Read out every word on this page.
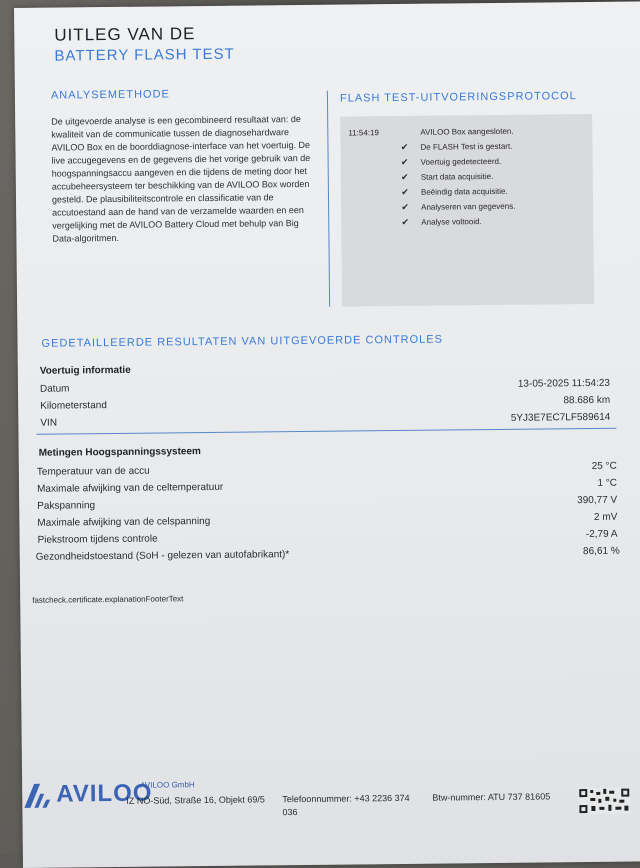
UITLEG VAN DE
BATTERY FLASH TEST
ANALYSEMETHODE
De uitgevoerde analyse is een gecombineerd resultaat van: de kwaliteit van de communicatie tussen de diagnosehardware AVILOO Box en de boorddiagnose-interface van het voertuig. De live accugegevens en de gegevens die het vorige gebruik van de hoogspanningsaccu aangeven en die tijdens de meting door het accubeheersysteem ter beschikking van de AVILOO Box worden gesteld. De plausibiliteitscontrole en classificatie van de accutoestand aan de hand van de verzamelde waarden en een vergelijking met de AVILOO Battery Cloud met behulp van Big Data-algoritmen.
FLASH TEST-UITVOERINGSPROTOCOL
11:54:19	AVILOO Box aangesloten.
✔	De FLASH Test is gestart.
✔	Voertuig gedetecteerd.
✔	Start data acquisitie.
✔	Beëindig data acquisitie.
✔	Analyseren van gegevens.
✔	Analyse voltooid.
GEDETAILLEERDE RESULTATEN VAN UITGEVOERDE CONTROLES
Voertuig informatie
Datum	13-05-2025 11:54:23
Kilometerstand	88.686 km
VIN	5YJ3E7EC7LF589614
Metingen Hoogspanningssysteem
Temperatuur van de accu	25 °C
Maximale afwijking van de celtemperatuur	1 °C
Pakspanning	390,77 V
Maximale afwijking van de celspanning	2 mV
Piekstroom tijdens controle	-2,79 A
Gezondheidstoestand (SoH - gelezen van autofabrikant)*	86,61 %
fastcheck.certificate.explanationFooterText
AVILOO
AVILOO GmbH
IZ NÖ-Süd, Straße 16, Objekt 69/5	Telefoonnummer: +43 2236 374 036
Btw-nummer: ATU 737 81605
